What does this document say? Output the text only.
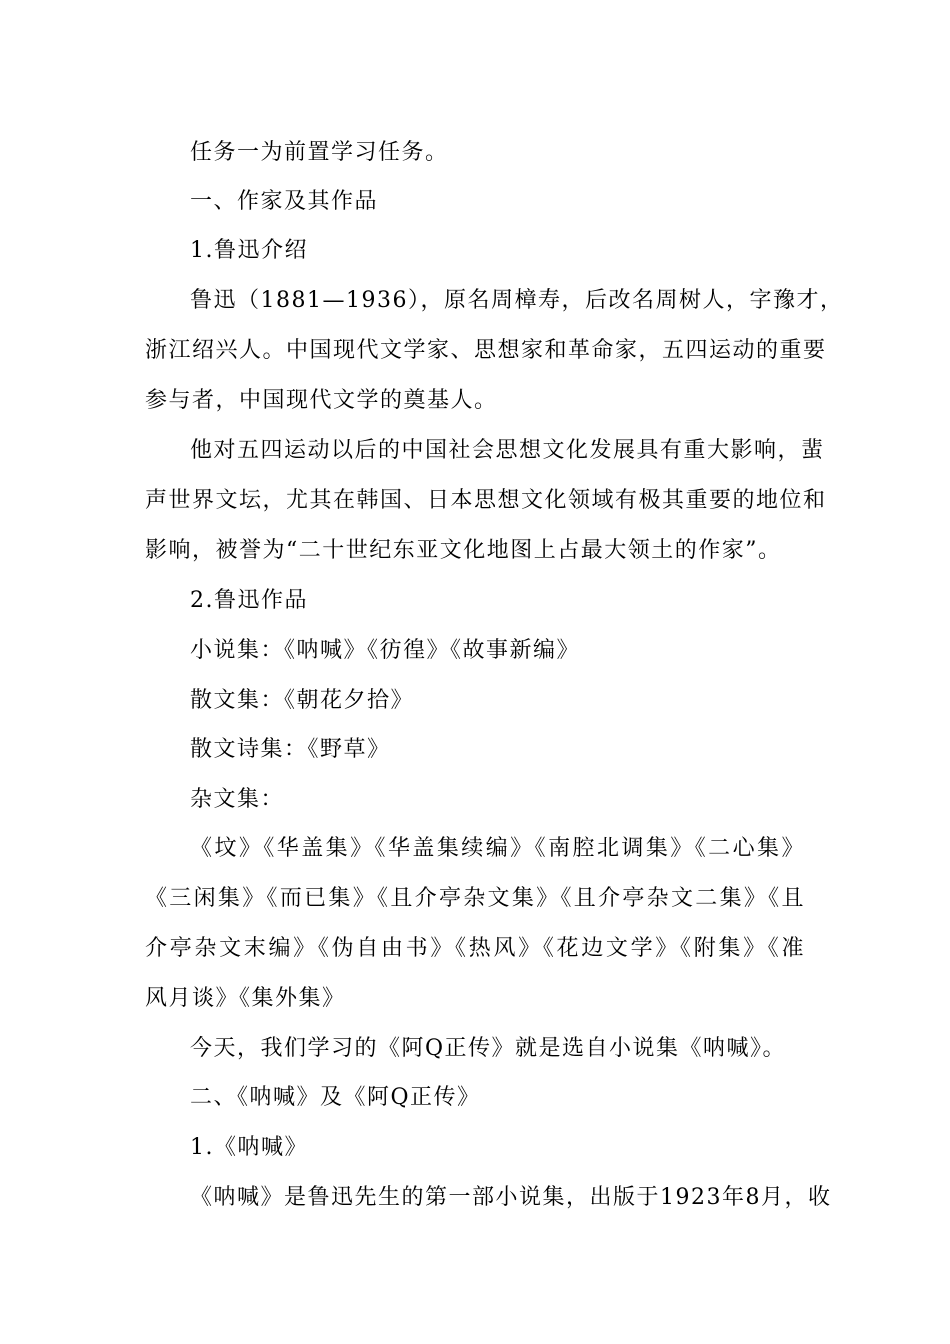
任务一为前置学习任务。
一、作家及其作品
1.鲁迅介绍
鲁迅（1881—1936），原名周樟寿，后改名周树人，字豫才，
浙江绍兴人。中国现代文学家、思想家和革命家，五四运动的重要
参与者，中国现代文学的奠基人。
他对五四运动以后的中国社会思想文化发展具有重大影响，蜚
声世界文坛，尤其在韩国、日本思想文化领域有极其重要的地位和
影响，被誉为“二十世纪东亚文化地图上占最大领土的作家”。
2.鲁迅作品
小说集：《呐喊》《彷徨》《故事新编》
散文集：《朝花夕拾》
散文诗集：《野草》
杂文集：
《坟》《华盖集》《华盖集续编》《南腔北调集》《二心集》
《三闲集》《而已集》《且介亭杂文集》《且介亭杂文二集》《且
介亭杂文末编》《伪自由书》《热风》《花边文学》《附集》《准
风月谈》《集外集》
今天，我们学习的《阿Q正传》就是选自小说集《呐喊》。
二、《呐喊》及《阿Q正传》
1.《呐喊》
《呐喊》是鲁迅先生的第一部小说集，出版于1923年8月，收
